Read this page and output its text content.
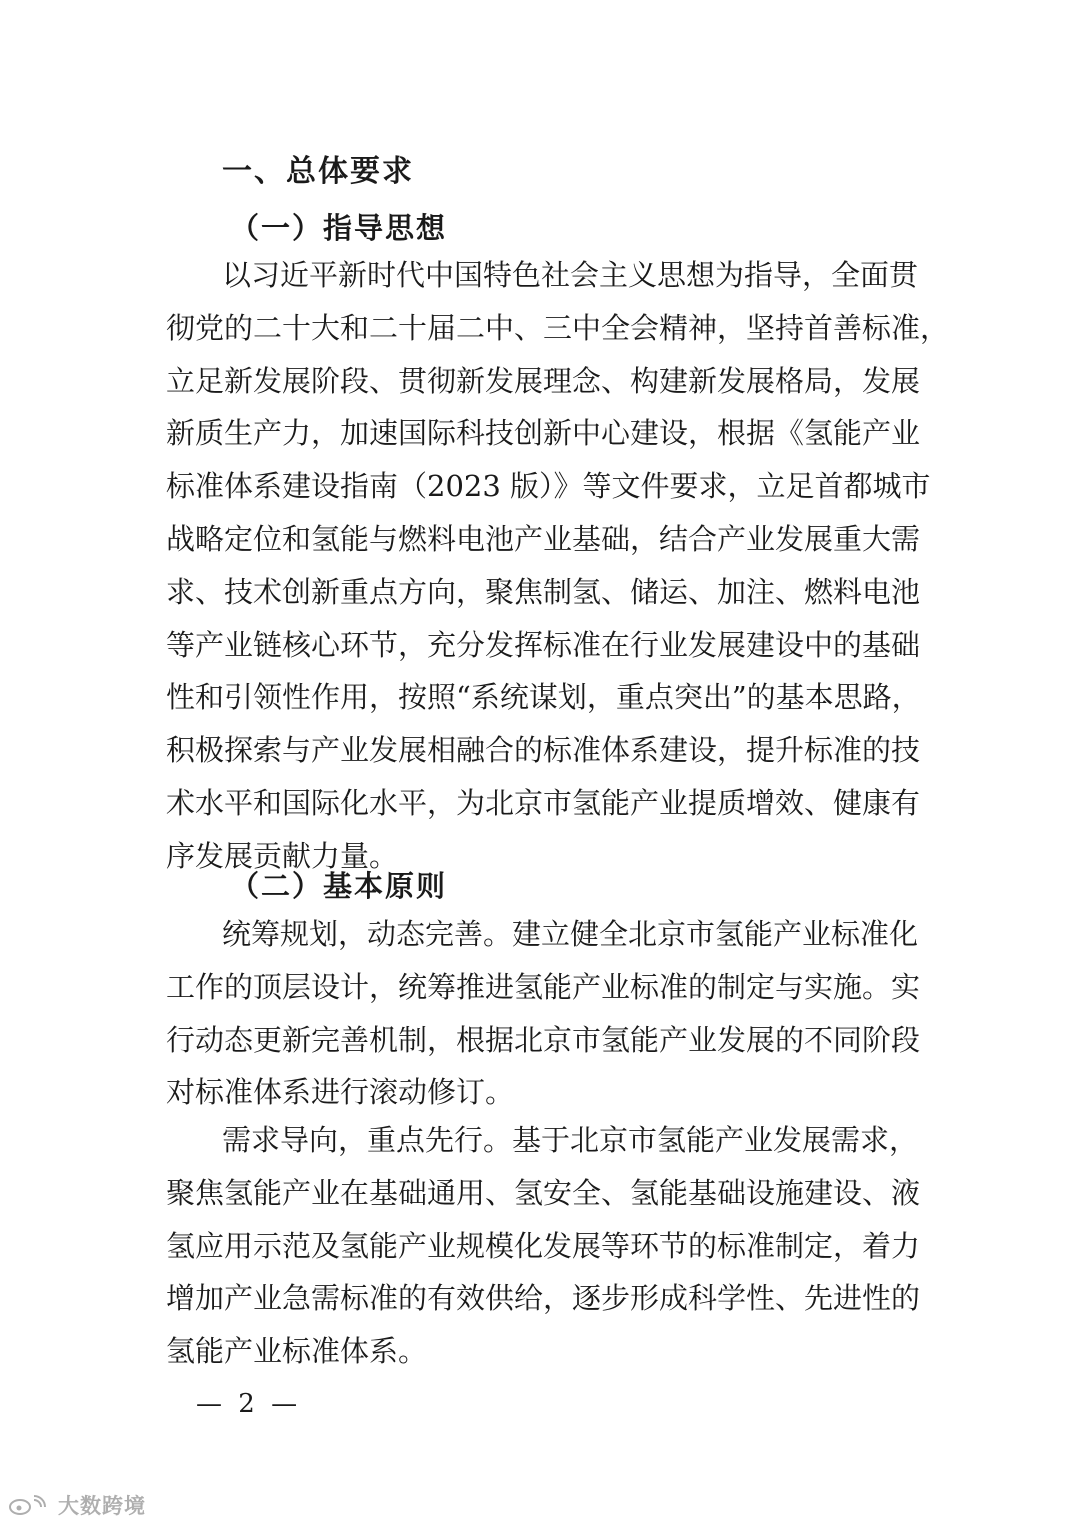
一、总体要求
（一）指导思想

以习近平新时代中国特色社会主义思想为指导，全面贯
彻党的二十大和二十届二中、三中全会精神，坚持首善标准，
立足新发展阶段、贯彻新发展理念、构建新发展格局，发展
新质生产力，加速国际科技创新中心建设，根据《氢能产业
标准体系建设指南（2023 版）》等文件要求，立足首都城市
战略定位和氢能与燃料电池产业基础，结合产业发展重大需
求、技术创新重点方向，聚焦制氢、储运、加注、燃料电池
等产业链核心环节，充分发挥标准在行业发展建设中的基础
性和引领性作用，按照“系统谋划，重点突出”的基本思路，
积极探索与产业发展相融合的标准体系建设，提升标准的技
术水平和国际化水平，为北京市氢能产业提质增效、健康有
序发展贡献力量。

（二）基本原则

统筹规划，动态完善。建立健全北京市氢能产业标准化
工作的顶层设计，统筹推进氢能产业标准的制定与实施。实
行动态更新完善机制，根据北京市氢能产业发展的不同阶段
对标准体系进行滚动修订。

需求导向，重点先行。基于北京市氢能产业发展需求，
聚焦氢能产业在基础通用、氢安全、氢能基础设施建设、液
氢应用示范及氢能产业规模化发展等环节的标准制定，着力
增加产业急需标准的有效供给，逐步形成科学性、先进性的
氢能产业标准体系。

— 2 —
大数跨境
